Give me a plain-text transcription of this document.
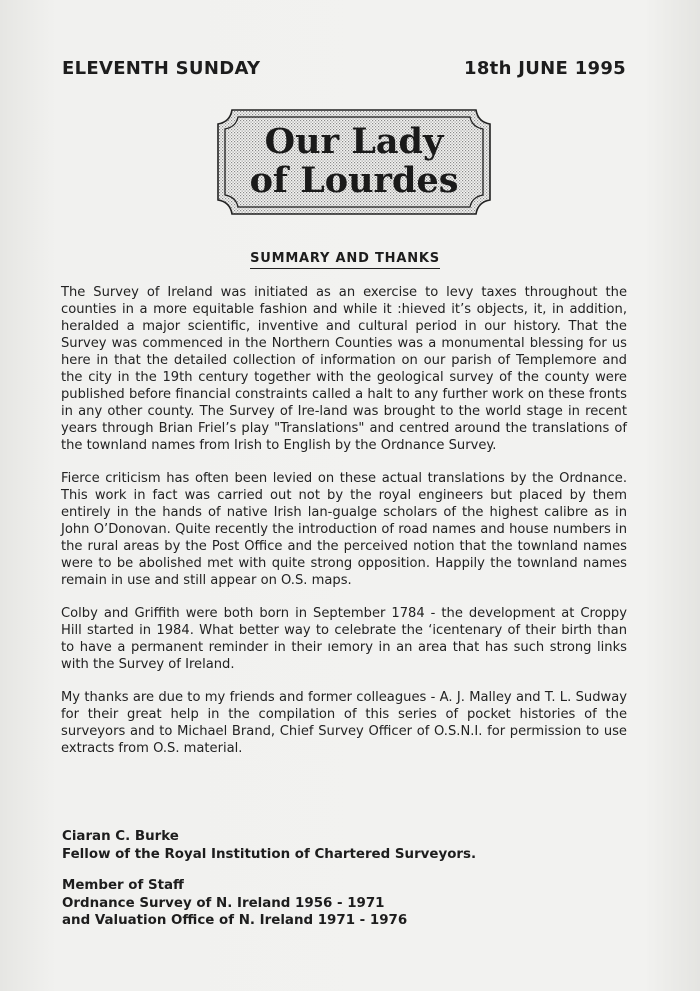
ELEVENTH SUNDAY	18th JUNE 1995
Our Lady
of Lourdes
SUMMARY AND THANKS

The Survey of Ireland was initiated as an exercise to levy taxes throughout the counties in a more equitable fashion and while it :hieved it’s objects, it, in addition, heralded a major scientific, inventive and cultural period in our history. That the Survey was commenced in the Northern Counties was a monumental blessing for us here in that the detailed collection of information on our parish of Templemore and the city in the 19th century together with the geological survey of the county were published before financial constraints called a halt to any further work on these fronts in any other county. The Survey of Ire-land was brought to the world stage in recent years through Brian Friel’s play "Translations" and centred around the translations of the townland names from Irish to English by the Ordnance Survey.

Fierce criticism has often been levied on these actual translations by the Ordnance. This work in fact was carried out not by the royal engineers but placed by them entirely in the hands of native Irish lan-gualge scholars of the highest calibre as in John O’Donovan. Quite recently the introduction of road names and house numbers in the rural areas by the Post Office and the perceived notion that the townland names were to be abolished met with quite strong opposition. Happily the townland names remain in use and still appear on O.S. maps.

Colby and Griffith were both born in September 1784 - the development at Croppy Hill started in 1984. What better way to celebrate the ‘icentenary of their birth than to have a permanent reminder in their ıemory in an area that has such strong links with the Survey of Ireland.

My thanks are due to my friends and former colleagues - A. J. Malley and T. L. Sudway for their great help in the compilation of this series of pocket histories of the surveyors and to Michael Brand, Chief Survey Officer of O.S.N.I. for permission to use extracts from O.S. material.

Ciaran C. Burke
Fellow of the Royal Institution of Chartered Surveyors.
Member of Staff
Ordnance Survey of N. Ireland 1956 - 1971
and Valuation Office of N. Ireland 1971 - 1976
